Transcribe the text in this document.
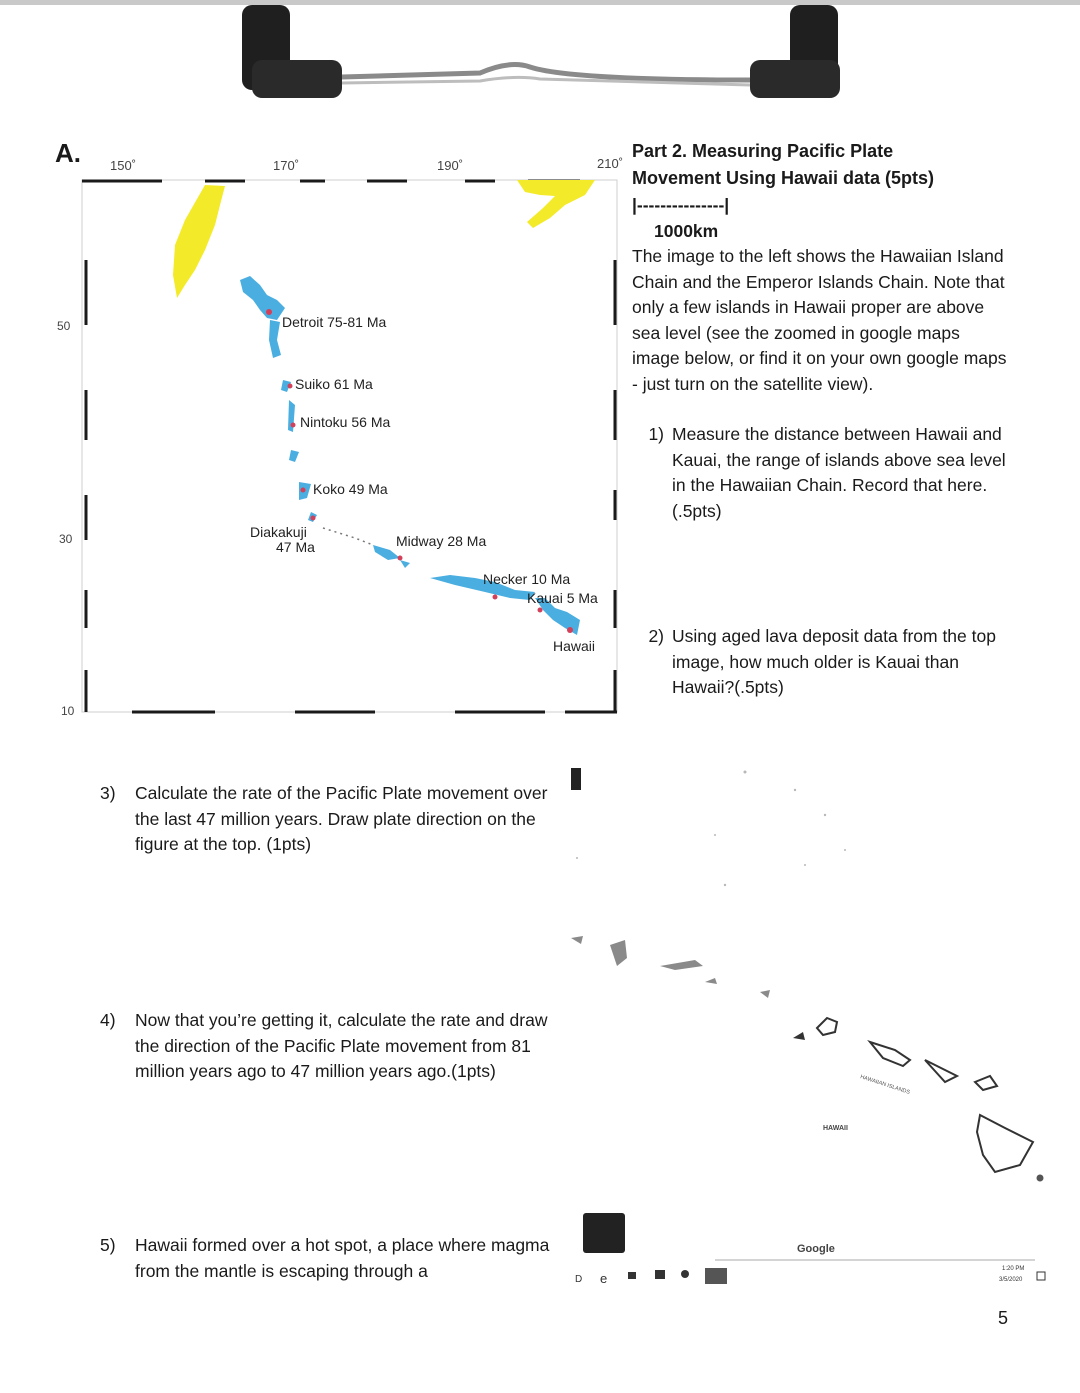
A. 150˚	170˚	190˚	210˚
50
30
10
Detroit 75-81 Ma
Suiko 61 Ma
Nintoku 56 Ma
Koko 49 Ma
Diakakuji
47 Ma	Midway 28 Ma
Necker 10 Ma
Kauai 5 Ma
Hawaii
Part 2. Measuring Pacific Plate
Movement Using Hawaii data (5pts)
|---------------|
1000km
The image to the left shows the Hawaiian Island Chain and the Emperor Islands Chain. Note that only a few islands in Hawaii proper are above sea level (see the zoomed in google maps image below, or find it on your own google maps - just turn on the satellite view).
1) Measure the distance between Hawaii and Kauai, the range of islands above sea level in the Hawaiian Chain. Record that here. (.5pts)
2) Using aged lava deposit data from the top image, how much older is Kauai than Hawaii?(.5pts)
3)	Calculate the rate of the Pacific Plate movement over the last 47 million years. Draw plate direction on the figure at the top. (1pts)
4)	Now that you’re getting it, calculate the rate and draw the direction of the Pacific Plate movement from 81 million years ago to 47 million years ago.(1pts)
5)	Hawaii formed over a hot spot, a place where magma from the mantle is escaping through a
HAWAII
HAWAIIAN ISLANDS
Google
D e
1:20 PM
3/5/2020
5
